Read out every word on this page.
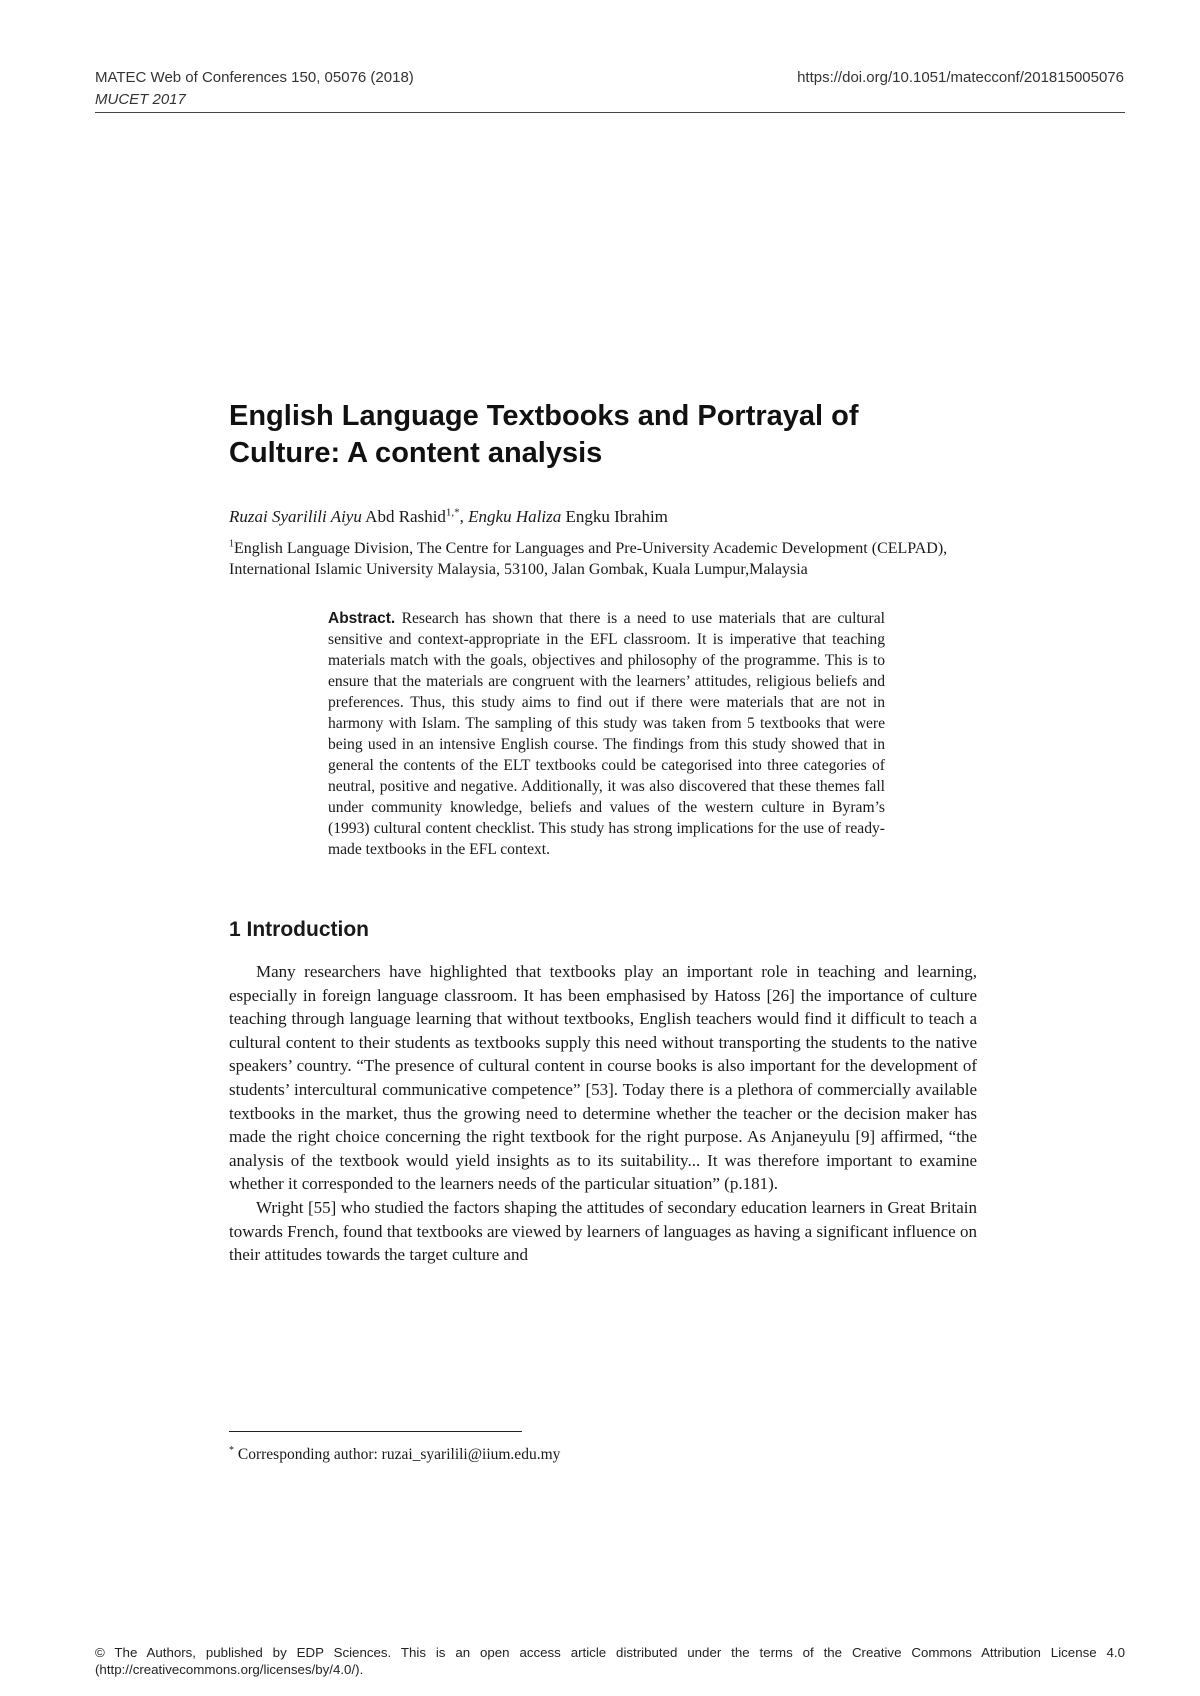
MATEC Web of Conferences 150, 05076 (2018)
MUCET 2017
https://doi.org/10.1051/matecconf/201815005076
English Language Textbooks and Portrayal of Culture: A content analysis
Ruzai Syarilili Aiyu Abd Rashid$^{1,*}$, Engku Haliza Engku Ibrahim
$^1$English Language Division, The Centre for Languages and Pre-University Academic Development (CELPAD), International Islamic University Malaysia, 53100, Jalan Gombak, Kuala Lumpur,Malaysia
Abstract. Research has shown that there is a need to use materials that are cultural sensitive and context-appropriate in the EFL classroom. It is imperative that teaching materials match with the goals, objectives and philosophy of the programme. This is to ensure that the materials are congruent with the learners’ attitudes, religious beliefs and preferences. Thus, this study aims to find out if there were materials that are not in harmony with Islam. The sampling of this study was taken from 5 textbooks that were being used in an intensive English course. The findings from this study showed that in general the contents of the ELT textbooks could be categorised into three categories of neutral, positive and negative. Additionally, it was also discovered that these themes fall under community knowledge, beliefs and values of the western culture in Byram’s (1993) cultural content checklist. This study has strong implications for the use of ready-made textbooks in the EFL context.
1 Introduction

Many researchers have highlighted that textbooks play an important role in teaching and learning, especially in foreign language classroom. It has been emphasised by Hatoss [26] the importance of culture teaching through language learning that without textbooks, English teachers would find it difficult to teach a cultural content to their students as textbooks supply this need without transporting the students to the native speakers’ country. “The presence of cultural content in course books is also important for the development of students’ intercultural communicative competence” [53]. Today there is a plethora of commercially available textbooks in the market, thus the growing need to determine whether the teacher or the decision maker has made the right choice concerning the right textbook for the right purpose. As Anjaneyulu [9] affirmed, “the analysis of the textbook would yield insights as to its suitability... It was therefore important to examine whether it corresponded to the learners needs of the particular situation” (p.181).

Wright [55] who studied the factors shaping the attitudes of secondary education learners in Great Britain towards French, found that textbooks are viewed by learners of languages as having a significant influence on their attitudes towards the target culture and

* Corresponding author: ruzai_syarilili@iium.edu.my
© The Authors, published by EDP Sciences. This is an open access article distributed under the terms of the Creative Commons Attribution License 4.0 (http://creativecommons.org/licenses/by/4.0/).
